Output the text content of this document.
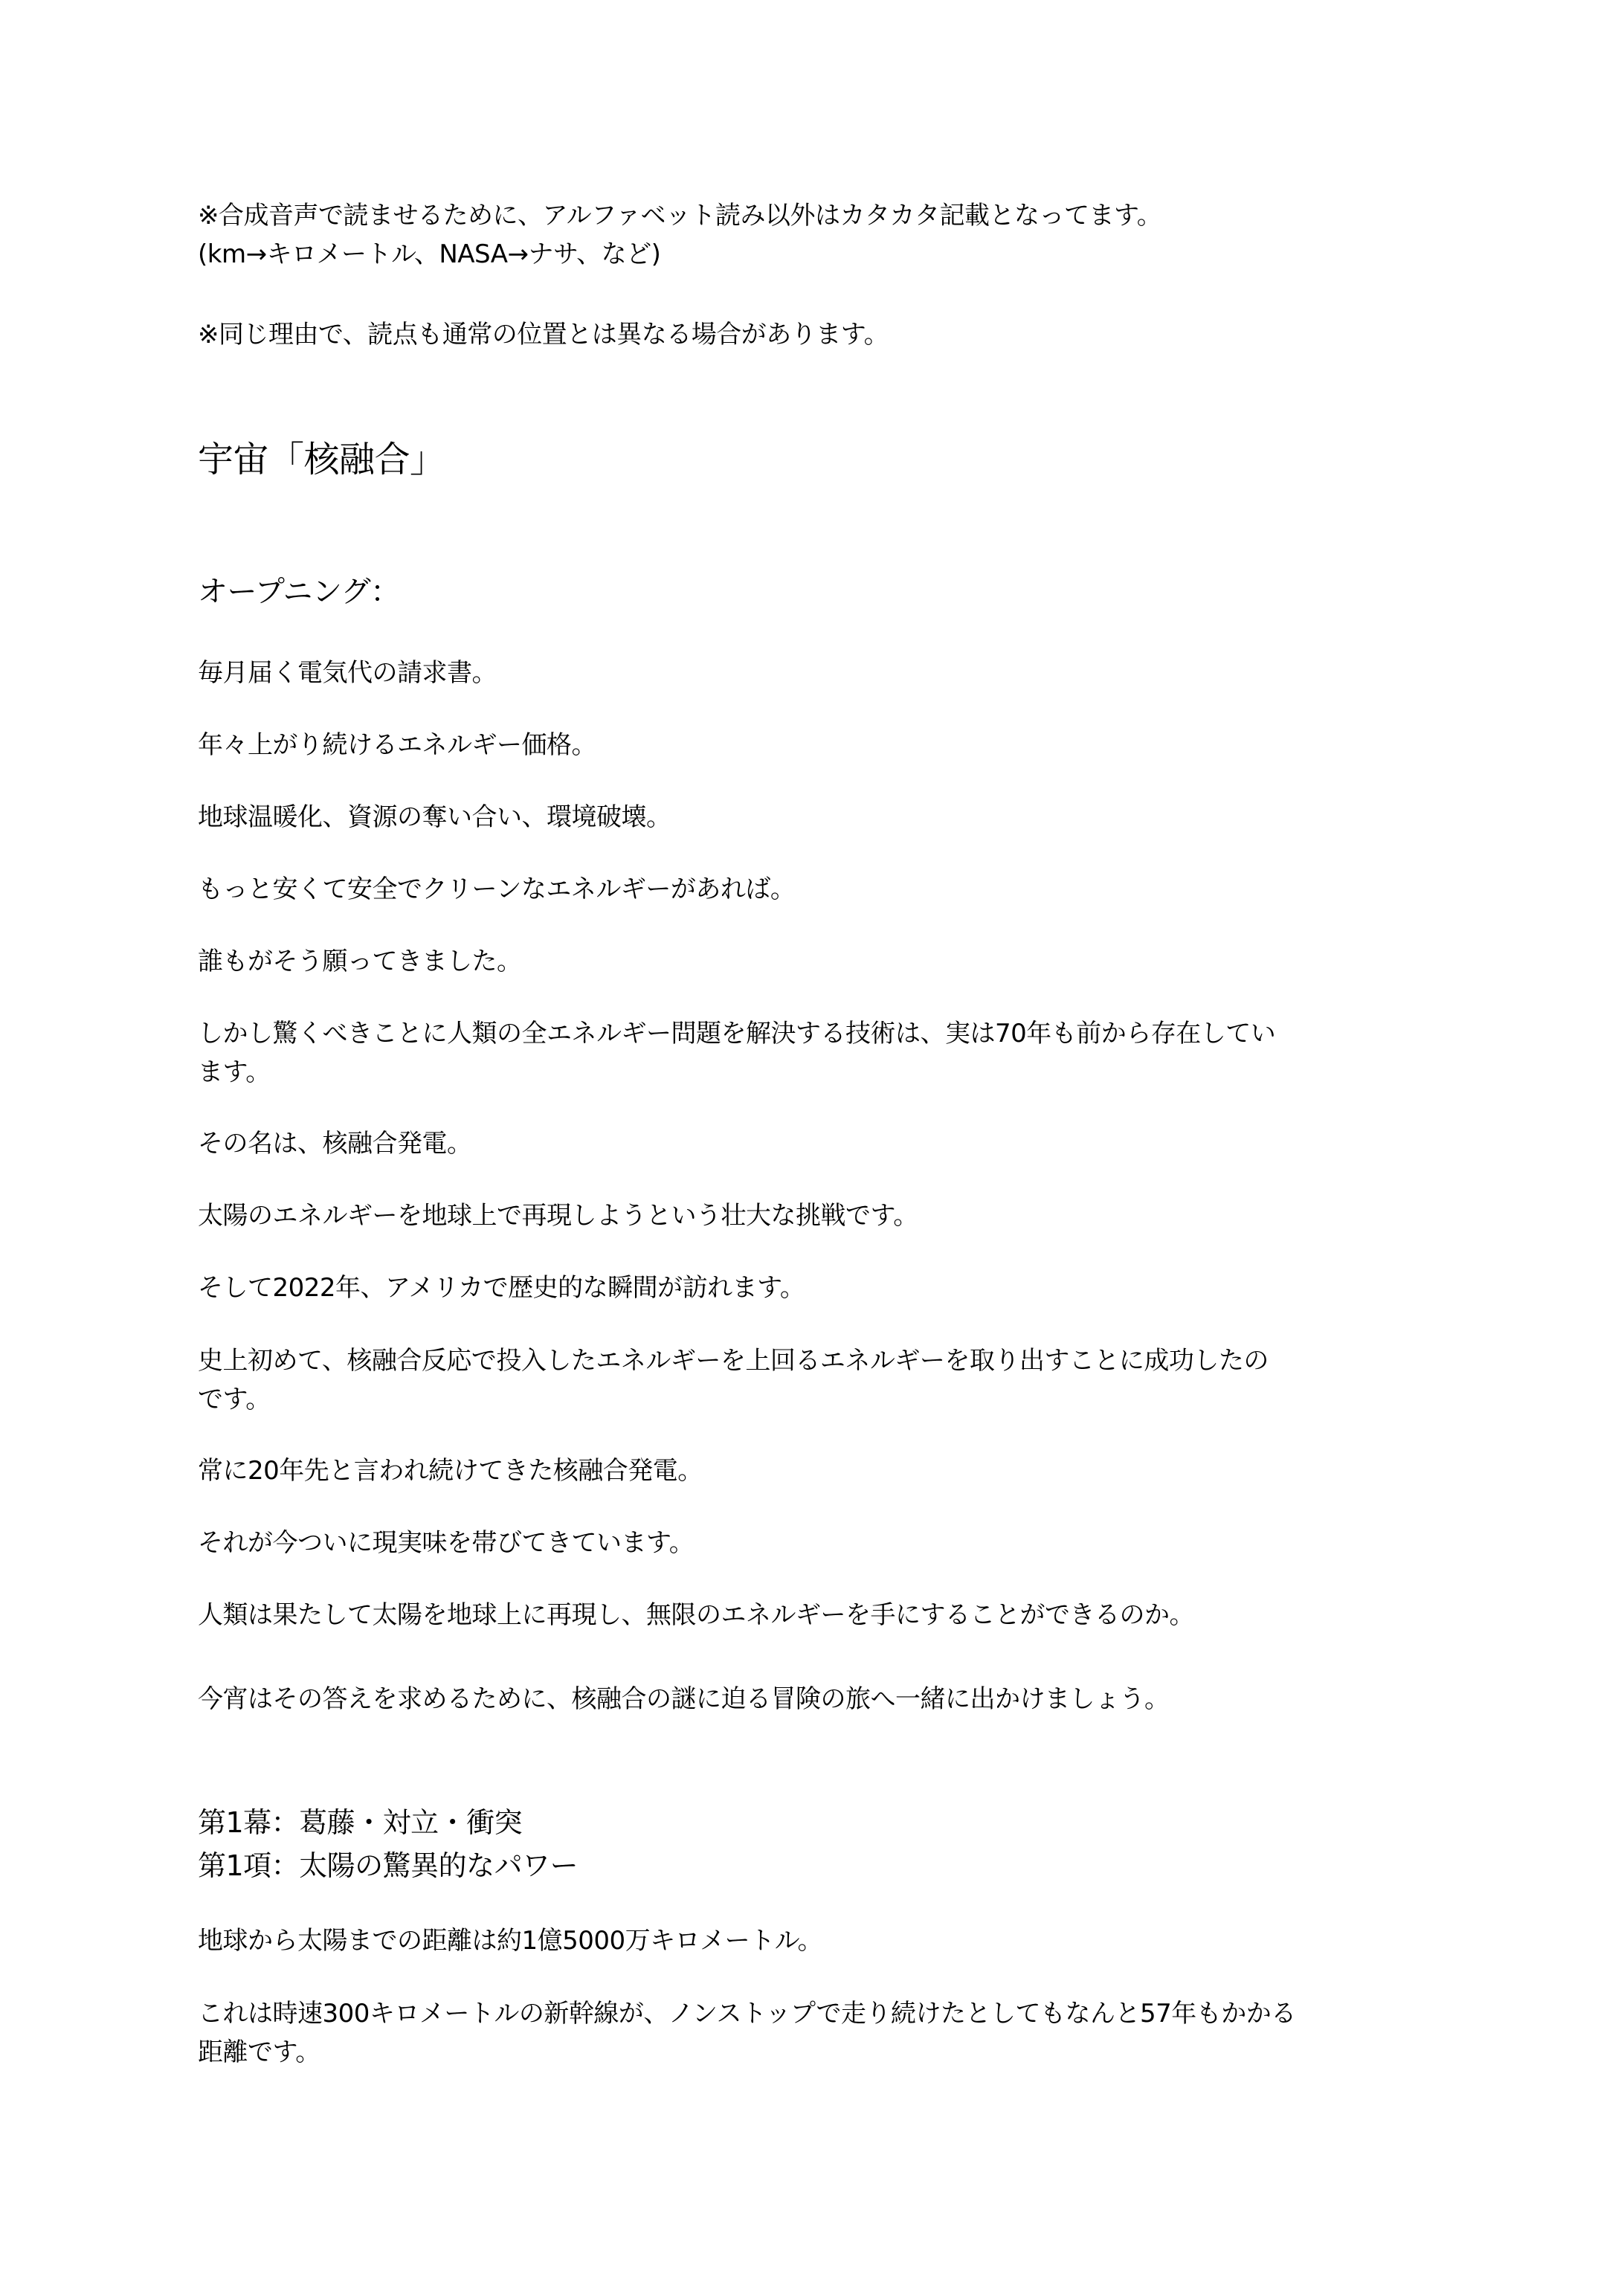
※合成音声で読ませるために、アルファベット読み以外はカタカタ記載となってます。
(km→キロメートル、NASA→ナサ、など)
※同じ理由で、読点も通常の位置とは異なる場合があります。
宇宙「核融合」
オープニング：
毎月届く電気代の請求書。
年々上がり続けるエネルギー価格。
地球温暖化、資源の奪い合い、環境破壊。
もっと安くて安全でクリーンなエネルギーがあれば。
誰もがそう願ってきました。
しかし驚くべきことに人類の全エネルギー問題を解決する技術は、実は70年も前から存在してい
ます。
その名は、核融合発電。
太陽のエネルギーを地球上で再現しようという壮大な挑戦です。
そして2022年、アメリカで歴史的な瞬間が訪れます。
史上初めて、核融合反応で投入したエネルギーを上回るエネルギーを取り出すことに成功したの
です。
常に20年先と言われ続けてきた核融合発電。
それが今ついに現実味を帯びてきています。
人類は果たして太陽を地球上に再現し、無限のエネルギーを手にすることができるのか。
今宵はその答えを求めるために、核融合の謎に迫る冒険の旅へ一緒に出かけましょう。
第1幕：葛藤・対立・衝突
第1項：太陽の驚異的なパワー
地球から太陽までの距離は約1億5000万キロメートル。
これは時速300キロメートルの新幹線が、ノンストップで走り続けたとしてもなんと57年もかかる
距離です。
